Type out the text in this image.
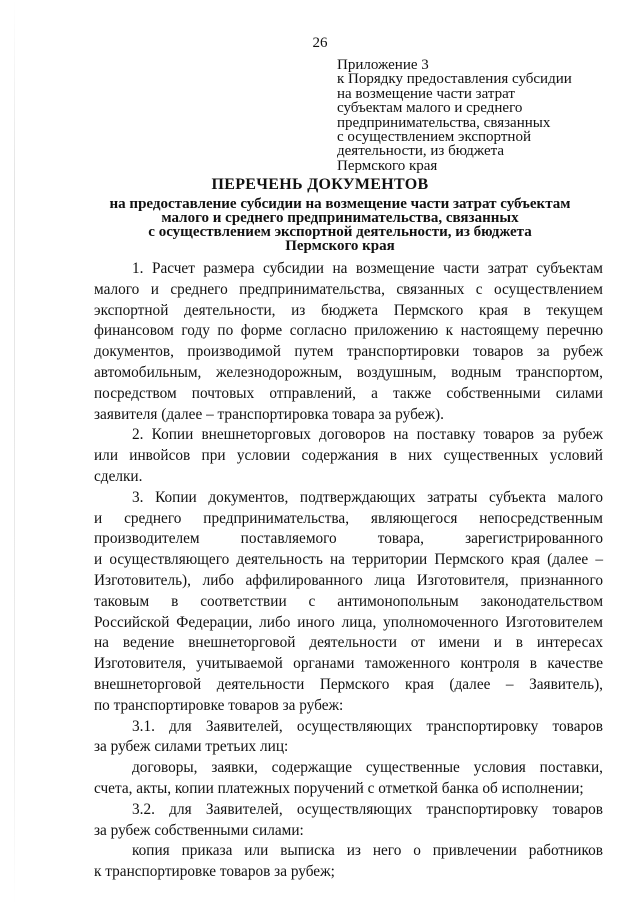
26
Приложение 3
к Порядку предоставления субсидии
на возмещение части затрат
субъектам малого и среднего
предпринимательства, связанных
с осуществлением экспортной
деятельности, из бюджета
Пермского края
ПЕРЕЧЕНЬ ДОКУМЕНТОВ
на предоставление субсидии на возмещение части затрат субъектам
малого и среднего предпринимательства, связанных
с осуществлением экспортной деятельности, из бюджета
Пермского края
1. Расчет размера субсидии на возмещение части затрат субъектам
малого и среднего предпринимательства, связанных с осуществлением
экспортной деятельности, из бюджета Пермского края в текущем
финансовом году по форме согласно приложению к настоящему перечню
документов, производимой путем транспортировки товаров за рубеж
автомобильным, железнодорожным, воздушным, водным транспортом,
посредством почтовых отправлений, а также собственными силами
заявителя (далее – транспортировка товара за рубеж).
2. Копии внешнеторговых договоров на поставку товаров за рубеж
или инвойсов при условии содержания в них существенных условий
сделки.
3. Копии документов, подтверждающих затраты субъекта малого
и среднего предпринимательства, являющегося непосредственным
производителем поставляемого товара, зарегистрированного
и осуществляющего деятельность на территории Пермского края (далее –
Изготовитель), либо аффилированного лица Изготовителя, признанного
таковым в соответствии с антимонопольным законодательством
Российской Федерации, либо иного лица, уполномоченного Изготовителем
на ведение внешнеторговой деятельности от имени и в интересах
Изготовителя, учитываемой органами таможенного контроля в качестве
внешнеторговой деятельности Пермского края (далее – Заявитель),
по транспортировке товаров за рубеж:
3.1. для Заявителей, осуществляющих транспортировку товаров
за рубеж силами третьих лиц:
договоры, заявки, содержащие существенные условия поставки,
счета, акты, копии платежных поручений с отметкой банка об исполнении;
3.2. для Заявителей, осуществляющих транспортировку товаров
за рубеж собственными силами:
копия приказа или выписка из него о привлечении работников
к транспортировке товаров за рубеж;
